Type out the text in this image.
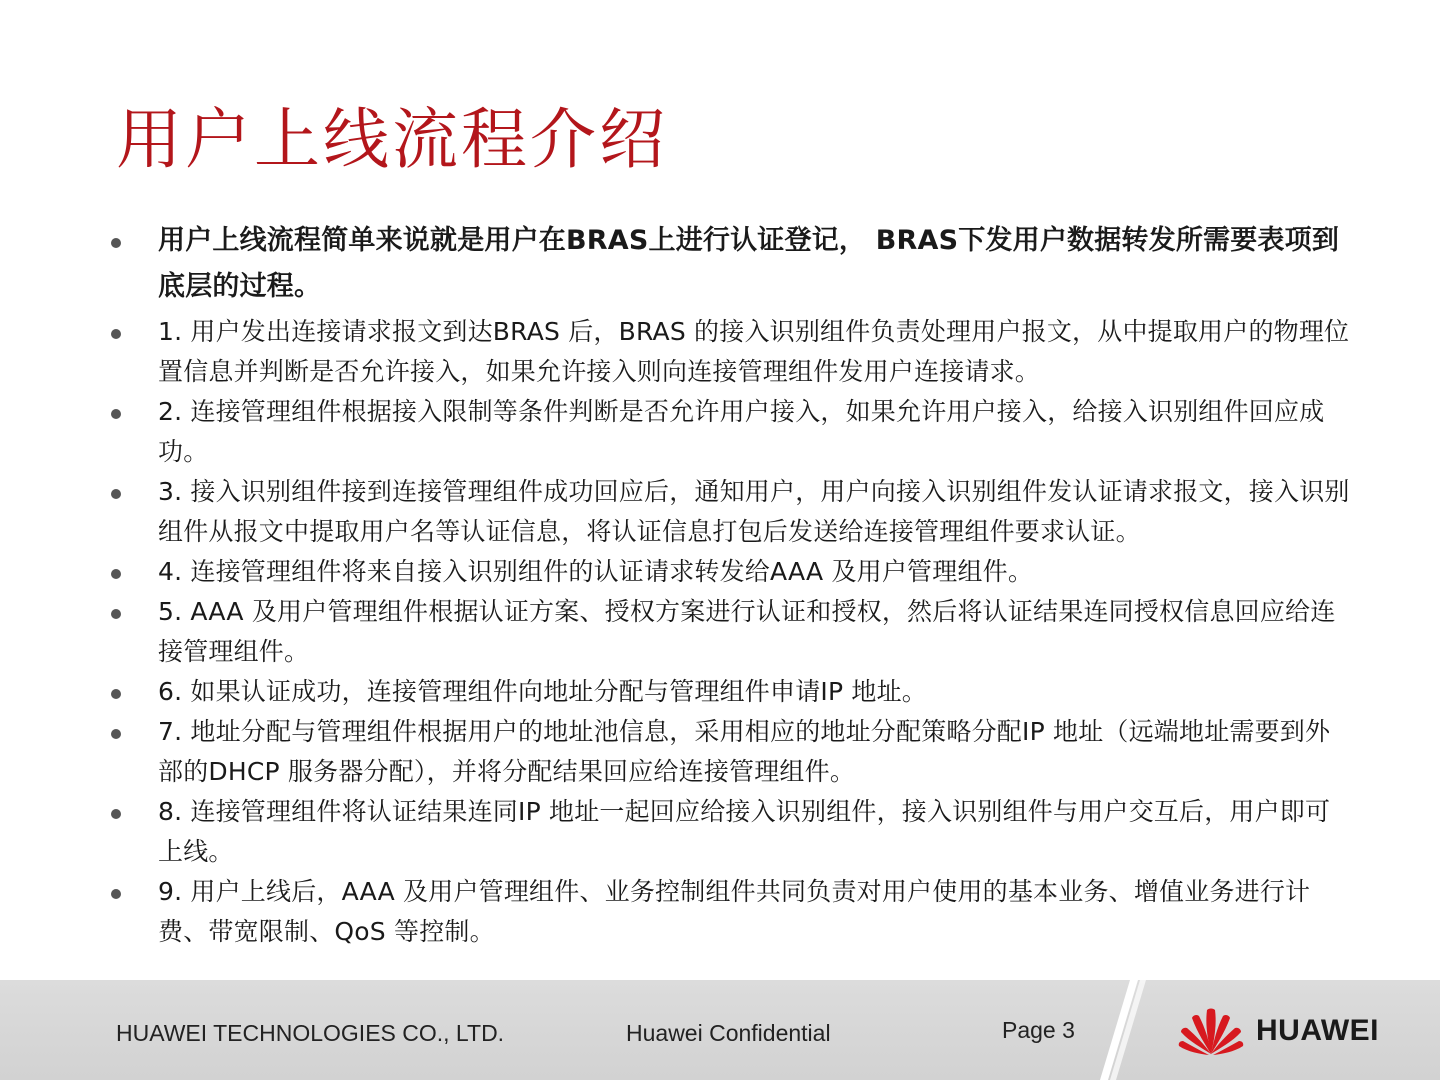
用户上线流程介绍
用户上线流程简单来说就是用户在BRAS上进行认证登记， BRAS下发用户数据转发所需要表项到底层的过程。
1. 用户发出连接请求报文到达BRAS 后，BRAS 的接入识别组件负责处理用户报文，从中提取用户的物理位置信息并判断是否允许接入，如果允许接入则向连接管理组件发用户连接请求。
2. 连接管理组件根据接入限制等条件判断是否允许用户接入，如果允许用户接入，给接入识别组件回应成功。
3. 接入识别组件接到连接管理组件成功回应后，通知用户，用户向接入识别组件发认证请求报文，接入识别组件从报文中提取用户名等认证信息，将认证信息打包后发送给连接管理组件要求认证。
4. 连接管理组件将来自接入识别组件的认证请求转发给AAA 及用户管理组件。
5. AAA 及用户管理组件根据认证方案、授权方案进行认证和授权，然后将认证结果连同授权信息回应给连接管理组件。
6. 如果认证成功，连接管理组件向地址分配与管理组件申请IP 地址。
7. 地址分配与管理组件根据用户的地址池信息，采用相应的地址分配策略分配IP 地址（远端地址需要到外部的DHCP 服务器分配），并将分配结果回应给连接管理组件。
8. 连接管理组件将认证结果连同IP 地址一起回应给接入识别组件，接入识别组件与用户交互后，用户即可上线。
9. 用户上线后，AAA 及用户管理组件、业务控制组件共同负责对用户使用的基本业务、增值业务进行计费、带宽限制、QoS 等控制。
HUAWEI TECHNOLOGIES CO., LTD.	Huawei Confidential	Page 3	HUAWEI
